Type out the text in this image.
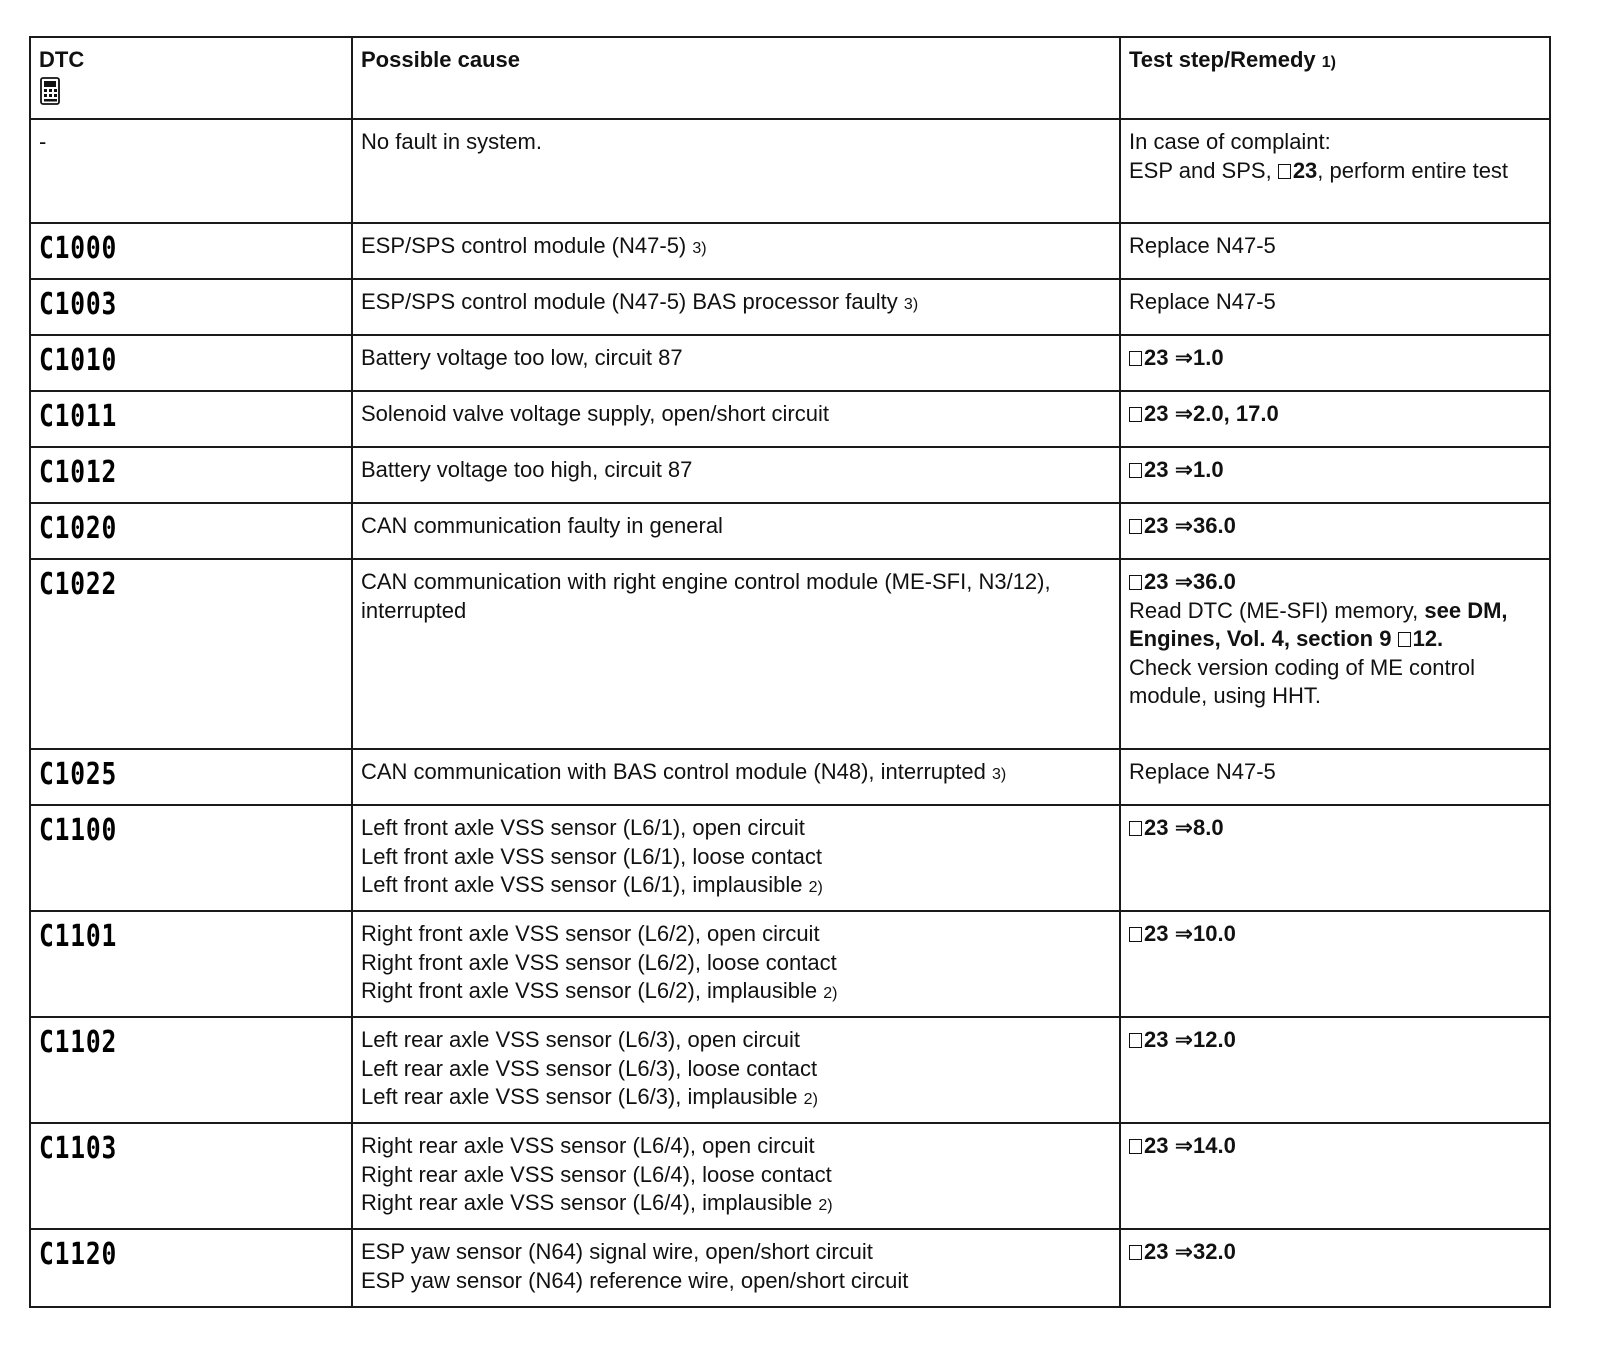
DTC	Possible cause	Test step/Remedy 1)
-	No fault in system.	In case of complaint:
ESP and SPS, 23, perform entire test

C1000	ESP/SPS control module (N47-5) 3)	Replace N47-5
C1003	ESP/SPS control module (N47-5) BAS processor faulty 3)	Replace N47-5
C1010	Battery voltage too low, circuit 87	23 ⇒1.0

C1011	Solenoid valve voltage supply, open/short circuit	23 ⇒2.0, 17.0

C1012	Battery voltage too high, circuit 87	23 ⇒1.0

C1020	CAN communication faulty in general	23 ⇒36.0

C1022	CAN communication with right engine control module (ME-SFI, N3/12), interrupted	23 ⇒36.0
Read DTC (ME-SFI) memory, see DM, Engines, Vol. 4, section 9 12.
Check version coding of ME control module, using HHT.

C1025	CAN communication with BAS control module (N48), interrupted 3)	Replace N47-5
C1100	Left front axle VSS sensor (L6/1), open circuit
Left front axle VSS sensor (L6/1), loose contact
Left front axle VSS sensor (L6/1), implausible 2)	23 ⇒8.0

C1101	Right front axle VSS sensor (L6/2), open circuit
Right front axle VSS sensor (L6/2), loose contact
Right front axle VSS sensor (L6/2), implausible 2)	23 ⇒10.0

C1102	Left rear axle VSS sensor (L6/3), open circuit
Left rear axle VSS sensor (L6/3), loose contact
Left rear axle VSS sensor (L6/3), implausible 2)	23 ⇒12.0

C1103	Right rear axle VSS sensor (L6/4), open circuit
Right rear axle VSS sensor (L6/4), loose contact
Right rear axle VSS sensor (L6/4), implausible 2)	23 ⇒14.0

C1120	ESP yaw sensor (N64) signal wire, open/short circuit
ESP yaw sensor (N64) reference wire, open/short circuit	23 ⇒32.0
